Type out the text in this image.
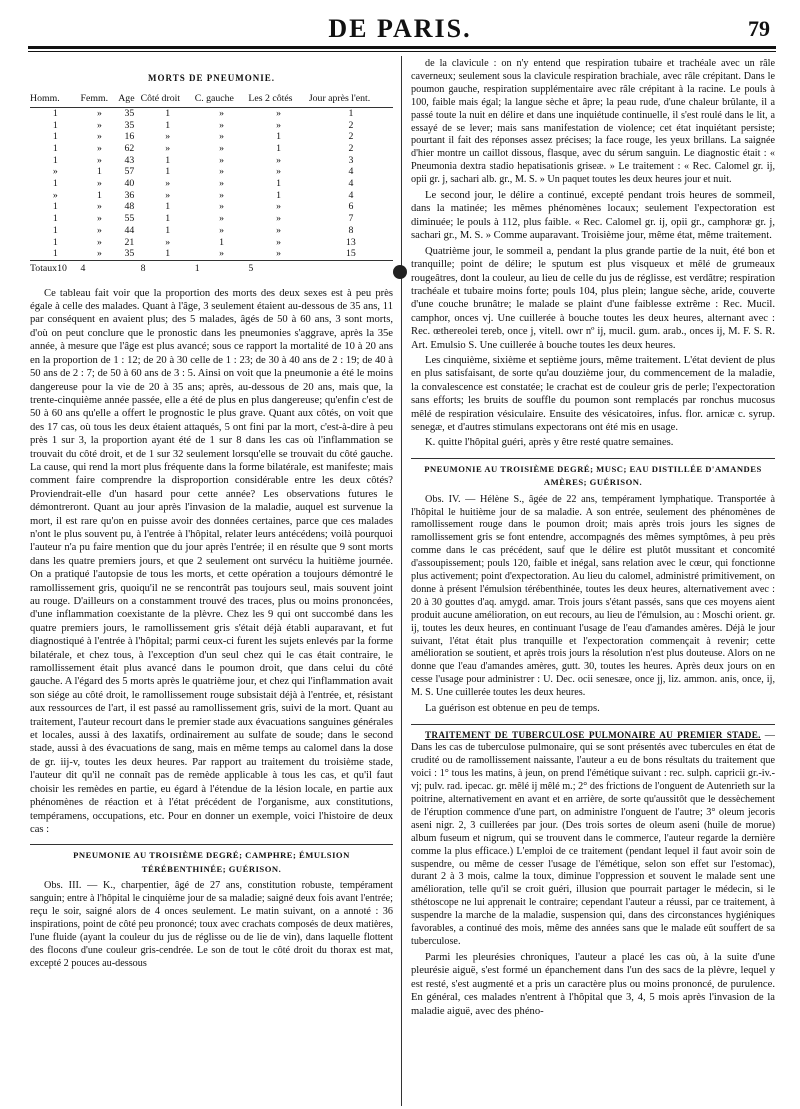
DE PARIS.	79
MORTS DE PNEUMONIE.
Homm.	Femm.	Age	Côté droit	C. gauche	Les 2 côtés	Jour après l'ent.
1	»	35	1	»	»	1
1	»	35	1	»	»	2
1	»	16	»	»	1	2
1	»	62	»	»	1	2
1	»	43	1	»	»	3
»	1	57	1	»	»	4
1	»	40	»	»	1	4
»	1	36	»	»	1	4
1	»	48	1	»	»	6
1	»	55	1	»	»	7
1	»	44	1	»	»	8
1	»	21	»	1	»	13
1	»	35	1	»	»	15
Totaux10	4		8	1	5	

Ce tableau fait voir que la proportion des morts des deux sexes est à peu près égale à celle des malades. Quant à l'âge, 3 seulement étaient au-dessous de 35 ans, 11 par conséquent en avaient plus; des 5 malades, âgés de 50 à 60 ans, 3 sont morts, d'où on peut conclure que le pronostic dans les pneumonies s'aggrave, après la 35e année, à mesure que l'âge est plus avancé; sous ce rapport la mortalité de 10 à 20 ans en la proportion de 1 : 12; de 20 à 30 celle de 1 : 23; de 30 à 40 ans de 2 : 19; de 40 à 50 ans de 2 : 7; de 50 à 60 ans de 3 : 5. Ainsi on voit que la pneumonie a été le moins dangereuse pour la vie de 20 à 35 ans; après, au-dessous de 20 ans, mais que, la trente-cinquième année passée, elle a été de plus en plus dangereuse; qu'enfin c'est de 50 à 60 ans qu'elle a offert le prognostic le plus grave. Quant aux côtés, on voit que des 17 cas, où tous les deux étaient attaqués, 5 ont fini par la mort, c'est-à-dire à peu près 1 sur 3, la proportion ayant été de 1 sur 8 dans les cas où l'inflammation se trouvait du côté droit, et de 1 sur 32 seulement lorsqu'elle se trouvait du côté gauche. La cause, qui rend la mort plus fréquente dans la forme bilatérale, est manifeste; mais comment faire comprendre la disproportion considérable entre les deux côtés? Proviendrait-elle d'un hasard pour cette année? Les observations futures le démontreront. Quant au jour après l'invasion de la maladie, auquel est survenue la mort, il est rare qu'on en puisse avoir des données certaines, parce que ces malades n'ont le plus souvent pu, à l'entrée à l'hôpital, relater leurs antécédens; voilà pourquoi l'auteur n'a pu faire mention que du jour après l'entrée; il en résulte que 9 sont morts dans les quatre premiers jours, et que 2 seulement ont survécu la huitième journée. On a pratiqué l'autopsie de tous les morts, et cette opération a toujours démontré le ramollissement gris, quoiqu'il ne se rencontrât pas toujours seul, mais souvent joint au rouge. D'ailleurs on a constamment trouvé des traces, plus ou moins prononcées, d'une inflammation coexistante de la plèvre. Chez les 9 qui ont succombé dans les quatre premiers jours, le ramollissement gris s'était déjà établi auparavant, et fut diagnostiqué à l'entrée à l'hôpital; parmi ceux-ci furent les sujets enlevés par la forme bilatérale, et chez tous, à l'exception d'un seul chez qui le cas était contraire, le ramollissement était plus avancé dans le poumon droit, que dans celui du côté gauche. A l'égard des 5 morts après le quatrième jour, et chez qui l'inflammation avait son siége au côté droit, le ramollissement rouge subsistait déjà à l'entrée, et, résistant aux ressources de l'art, il est passé au ramollissement gris, suivi de la mort. Quant au traitement, l'auteur recourt dans le premier stade aux évacuations sanguines générales et locales, aussi à des laxatifs, ordinairement au sulfate de soude; dans le second stade, aussi à des évacuations de sang, mais en même temps au calomel dans la dose de gr. iij-v, toutes les deux heures. Par rapport au traitement du troisième stade, l'auteur dit qu'il ne connaît pas de remède applicable à tous les cas, et qu'il faut choisir les remèdes en partie, eu égard à l'étendue de la lésion locale, en partie aux phénomènes de réaction et à l'état précédent de l'organisme, aux constitutions, tempéramens, occupations, etc. Pour en donner un exemple, voici l'histoire de deux cas :

PNEUMONIE AU TROISIÈME DEGRÉ; CAMPHRE; ÉMULSION TÉRÉBENTHINÉE; GUÉRISON.

Obs. III. — K., charpentier, âgé de 27 ans, constitution robuste, tempérament sanguin; entre à l'hôpital le cinquième jour de sa maladie; saigné deux fois avant l'entrée; reçu le soir, saigné alors de 4 onces seulement. Le matin suivant, on a annoté : 36 inspirations, point de côté peu prononcé; toux avec crachats composés de deux matières, l'une fluide (ayant la couleur du jus de réglisse ou de lie de vin), dans laquelle flottent des flocons d'une couleur gris-cendrée. Le son de tout le côté droit du thorax est mat, excepté 2 pouces au-dessous

de la clavicule : on n'y entend que respiration tubaire et trachéale avec un râle caverneux; seulement sous la clavicule respiration brachiale, avec râle crépitant. Dans le poumon gauche, respiration supplémentaire avec râle crépitant à la racine. Le pouls à 100, faible mais égal; la langue sèche et âpre; la peau rude, d'une chaleur brûlante, il a passé toute la nuit en délire et dans une inquiétude continuelle, il s'est roulé dans le lit, a essayé de se lever; mais sans manifestation de violence; cet état inquiétant persiste; pourtant il fait des réponses assez précises; la face rouge, les yeux brillans. La saignée d'hier montre un caillot dissous, flasque, avec du sérum sanguin. Le diagnostic était : « Pneumonia dextra stadio hepatisationis griseæ. » Le traitement : « Rec. Calomel gr. ij, opii gr. j, sachari alb. gr., M. S. » Un paquet toutes les deux heures jour et nuit.

Le second jour, le délire a continué, excepté pendant trois heures de sommeil, dans la matinée; les mêmes phénomènes locaux; seulement l'expectoration est diminuée; le pouls à 112, plus faible. « Rec. Calomel gr. ij, opii gr., camphoræ gr. j, sachari gr., M. S. » Comme auparavant. Troisième jour, même état, même traitement.

Quatrième jour, le sommeil a, pendant la plus grande partie de la nuit, été bon et tranquille; point de délire; le sputum est plus visqueux et mêlé de grumeaux rougeâtres, dont la couleur, au lieu de celle du jus de réglisse, est verdâtre; respiration trachéale et tubaire moins forte; pouls 104, plus plein; langue sèche, aride, couverte d'une couche brunâtre; le malade se plaint d'une faiblesse extrême : Rec. Mucil. camphor, onces vj. Une cuillerée à bouche toutes les deux heures, alternant avec : Rec. œthereolei tereb, once j, vitell. owr nº ij, mucil. gum. arab., onces ij, M. F. S. R. Art. Emulsio S. Une cuillerée à bouche toutes les deux heures.

Les cinquième, sixième et septième jours, même traitement. L'état devient de plus en plus satisfaisant, de sorte qu'au douzième jour, du commencement de la maladie, la convalescence est constatée; le crachat est de couleur gris de perle; l'expectoration sans efforts; les bruits de souffle du poumon sont remplacés par ronchus mucosus mêlé de respiration vésiculaire. Ensuite des vésicatoires, infus. flor. arnicæ c. syrup. senegæ, et d'autres stimulans expectorans ont été mis en usage.

K. quitte l'hôpital guéri, après y être resté quatre semaines.

PNEUMONIE AU TROISIÈME DEGRÉ; MUSC; EAU DISTILLÉE D'AMANDES AMÈRES; GUÉRISON.

Obs. IV. — Hélène S., âgée de 22 ans, tempérament lymphatique. Transportée à l'hôpital le huitième jour de sa maladie. A son entrée, seulement des phénomènes de ramollissement rouge dans le poumon droit; mais après trois jours les signes de ramollissement gris se font entendre, accompagnés des mêmes symptômes, à peu près comme dans le cas précédent, sauf que le délire est plutôt mussitant et concomité d'assoupissement; pouls 120, faible et inégal, sans relation avec le cœur, qui fonctionne plus activement; point d'expectoration. Au lieu du calomel, administré primitivement, on donne à présent l'émulsion térébenthinée, toutes les deux heures, alternativement avec : 20 à 30 gouttes d'aq. amygd. amar. Trois jours s'étant passés, sans que ces moyens aient produit aucune amélioration, on eut recours, au lieu de l'émulsion, au : Moschi orient. gr. ij, toutes les deux heures, en continuant l'usage de l'eau d'amandes amères. Déjà le jour suivant, l'état était plus tranquille et l'expectoration commençait à revenir; cette amélioration se soutient, et après trois jours la résolution n'est plus douteuse. Alors on ne donne que l'eau d'amandes amères, gutt. 30, toutes les heures. Après deux jours on en cesse l'usage pour administrer : U. Dec. ocii senesæe, once jj, liz. ammon. anis, once, ij, M. S. Une cuillerée toutes les deux heures.

La guérison est obtenue en peu de temps.

TRAITEMENT DE TUBERCULOSE PULMONAIRE AU PREMIER STADE. — Dans les cas de tuberculose pulmonaire, qui se sont présentés avec tubercules en état de crudité ou de ramollissement naissante, l'auteur a eu de bons résultats du traitement que voici : 1° tous les matins, à jeun, on prend l'émétique suivant : rec. sulph. capricii gr.-iv.-vj; pulv. rad. ipecac. gr. mêlé ij mêlé m.; 2° des frictions de l'onguent de Autenrieth sur la poitrine, alternativement en avant et en arrière, de sorte qu'aussitôt que le dessèchement de l'éruption commence d'une part, on administre l'onguent de l'autre; 3° oleum jecoris aseni nigr. 2, 3 cuillerées par jour. (Des trois sortes de oleum aseni (huile de morue) album fuseum et nigrum, qui se trouvent dans le commerce, l'auteur regarde la dernière comme la plus efficace.) L'emploi de ce traitement (pendant lequel il faut avoir soin de suspendre, ou même de cesser l'usage de l'émétique, selon son effet sur l'estomac), durant 2 à 3 mois, calme la toux, diminue l'oppression et souvent le malade sent une amélioration, telle qu'il se croit guéri, illusion que pourrait partager le médecin, si le sthétoscope ne lui apprenait le contraire; cependant l'auteur a réussi, par ce traitement, à suspendre la marche de la maladie, suspension qui, dans des circonstances hygiéniques favorables, a continué des mois, même des années sans que le malade eût souffert de sa tuberculose.

Parmi les pleurésies chroniques, l'auteur a placé les cas où, à la suite d'une pleurésie aiguë, s'est formé un épanchement dans l'un des sacs de la plèvre, lequel y est resté, s'est augmenté et a pris un caractère plus ou moins prononcé, de purulence. En général, ces malades n'entrent à l'hôpital que 3, 4, 5 mois après l'invasion de la maladie aiguë, avec des phéno-
